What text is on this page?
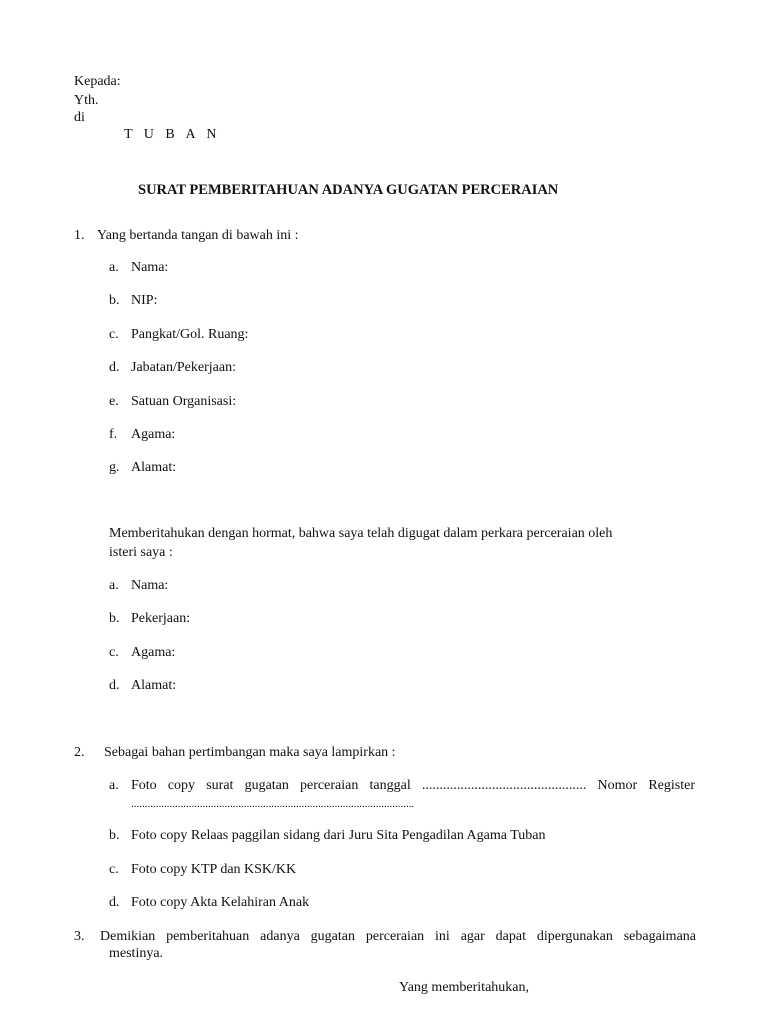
Kepada:
Yth.
di
T U B A N
SURAT PEMBERITAHUAN ADANYA GUGATAN PERCERAIAN
1. Yang bertanda tangan di bawah ini :
a. Nama:
b. NIP:
c. Pangkat/Gol. Ruang:
d. Jabatan/Pekerjaan:
e. Satuan Organisasi:
f. Agama:
g. Alamat:
Memberitahukan dengan hormat, bahwa saya telah digugat dalam perkara perceraian oleh
isteri saya :
a. Nama:
b. Pekerjaan:
c. Agama:
d. Alamat:
2. Sebagai bahan pertimbangan maka saya lampirkan :
a. Foto copy surat gugatan perceraian tanggal ............................................... Nomor Register
.......................................................................................................
b. Foto copy Relaas paggilan sidang dari Juru Sita Pengadilan Agama Tuban
c. Foto copy KTP dan KSK/KK
d. Foto copy Akta Kelahiran Anak
3. Demikian pemberitahuan adanya gugatan perceraian ini agar dapat dipergunakan sebagaimana
mestinya.
Yang memberitahukan,
